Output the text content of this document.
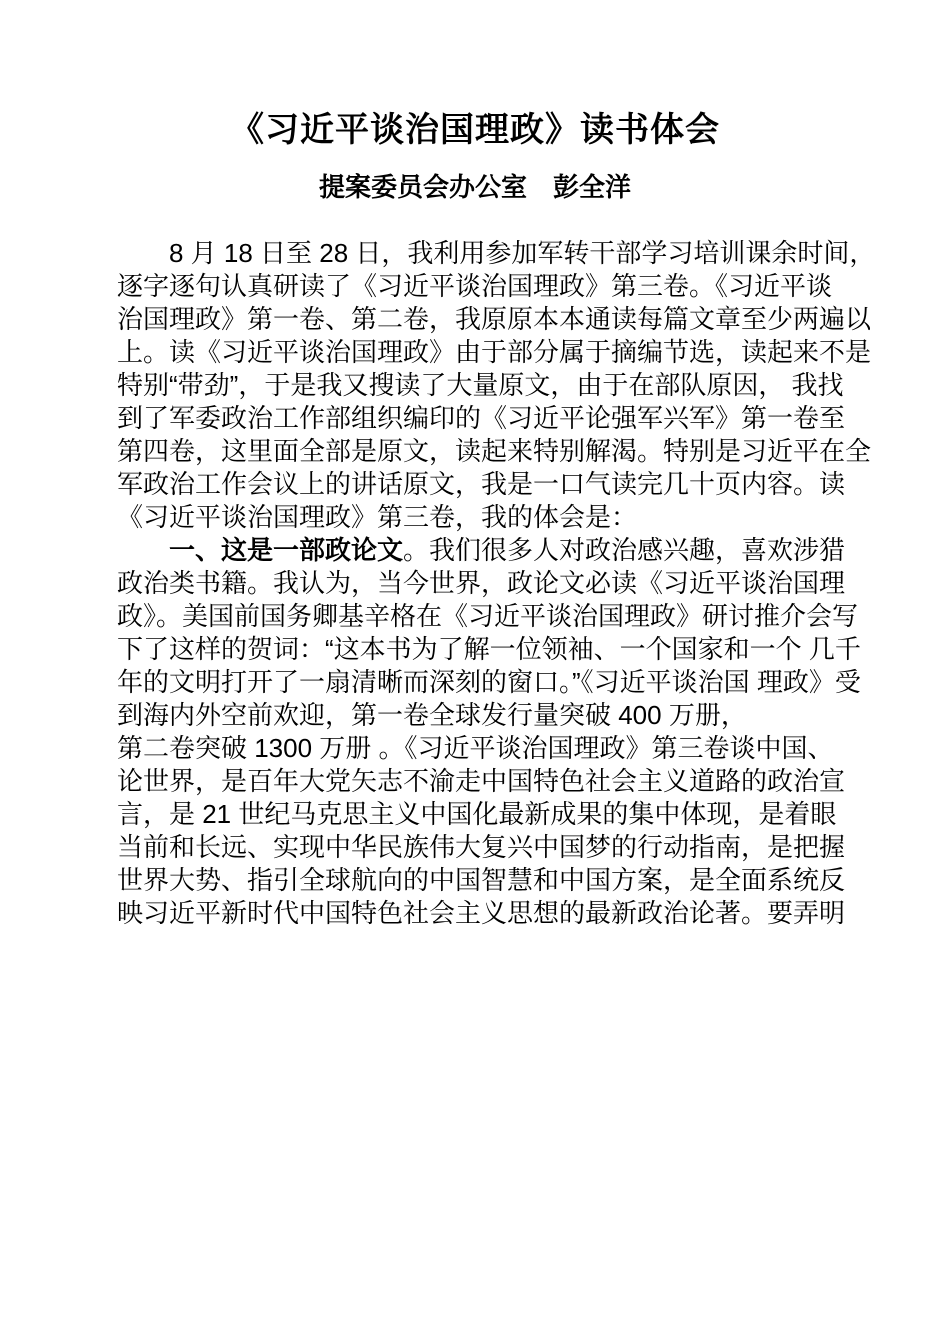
《习近平谈治国理政》读书体会
提案委员会办公室　彭全洋
8 月 18 日至 28 日，我利用参加军转干部学习培训课余时间，
逐字逐句认真研读了《习近平谈治国理政》第三卷。《习近平谈
治国理政》第一卷、第二卷，我原原本本通读每篇文章至少两遍以
上。读《习近平谈治国理政》由于部分属于摘编节选，读起来不是
特别“带劲”，于是我又搜读了大量原文，由于在部队原因， 我找
到了军委政治工作部组织编印的《习近平论强军兴军》第一卷至
第四卷，这里面全部是原文，读起来特别解渴。特别是习近平在全
军政治工作会议上的讲话原文，我是一口气读完几十页内容。读
《习近平谈治国理政》第三卷，我的体会是：
一、这是一部政论文。我们很多人对政治感兴趣，喜欢涉猎
政治类书籍。我认为，当今世界，政论文必读《习近平谈治国理
政》。美国前国务卿基辛格在《习近平谈治国理政》研讨推介会写
下了这样的贺词：“这本书为了解一位领袖、一个国家和一个 几千
年的文明打开了一扇清晰而深刻的窗口。”《习近平谈治国 理政》受
到海内外空前欢迎，第一卷全球发行量突破 400 万册，
第二卷突破 1300 万册 。《习近平谈治国理政》第三卷谈中国、
论世界，是百年大党矢志不渝走中国特色社会主义道路的政治宣
言，是 21 世纪马克思主义中国化最新成果的集中体现，是着眼
当前和长远、实现中华民族伟大复兴中国梦的行动指南，是把握
世界大势、指引全球航向的中国智慧和中国方案，是全面系统反
映习近平新时代中国特色社会主义思想的最新政治论著。要弄明
